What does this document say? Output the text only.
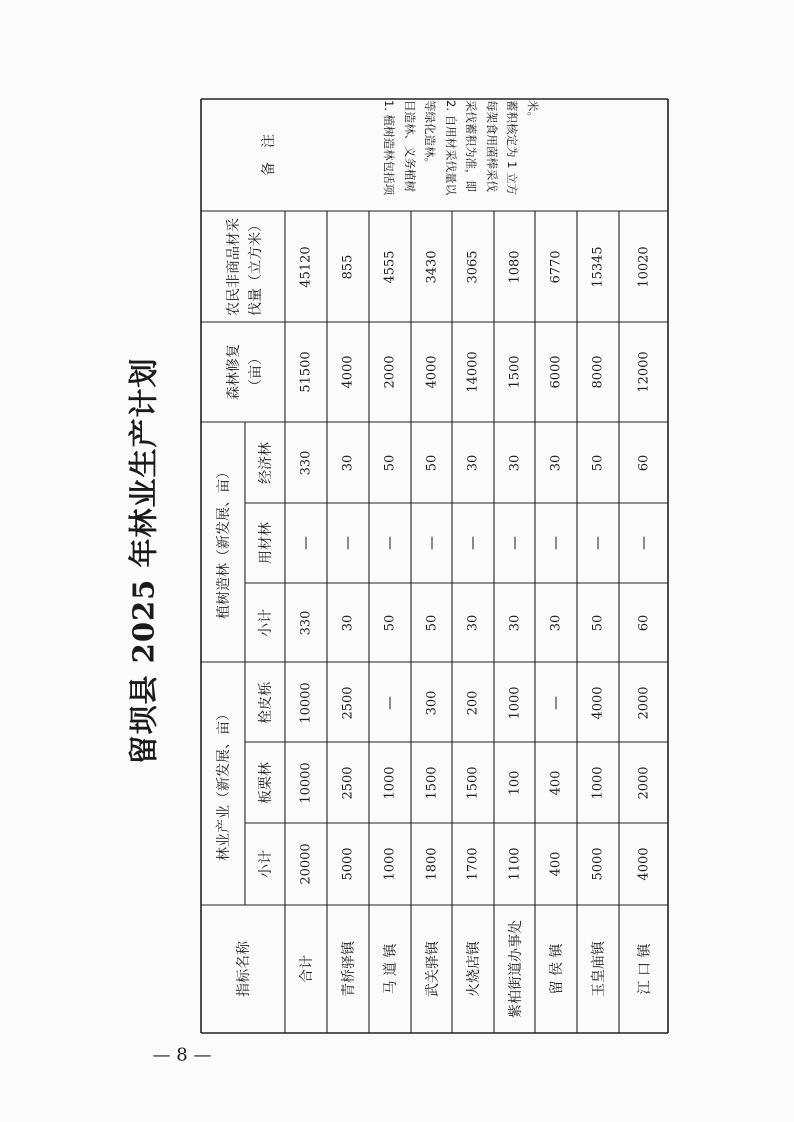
留坝县 2025 年林业生产计划
指标名称
林业产业（新发展、亩）
植树造林（新发展、亩）
森林修复 （亩）
农民非商品材采 伐量（立方米）
备　注
小计
板栗林
栓皮栎
小计
用材林
经济林
合计
20000
10000
10000
330
—
330
51500
45120
青桥驿镇
5000
2500
2500
30
—
30
4000
855
马 道 镇
1000
1000
—
50
—
50
2000
4555
武关驿镇
1800
1500
300
50
—
50
4000
3430
火烧店镇
1700
1500
200
30
—
30
14000
3065
紫柏街道办事处
1100
100
1000
30
—
30
1500
1080
留 侯 镇
400
400
—
30
—
30
6000
6770
玉皇庙镇
5000
1000
4000
50
—
50
8000
15345
江 口 镇
4000
2000
2000
60
—
60
12000
10020
1. 植树造林包括项 目造林、义务植树 等绿化造林。 2. 自用材采伐量以 采伐蓄积为准，即 每架食用菌棒采伐 蓄积核定为 1 立方 米。
— 8 —
